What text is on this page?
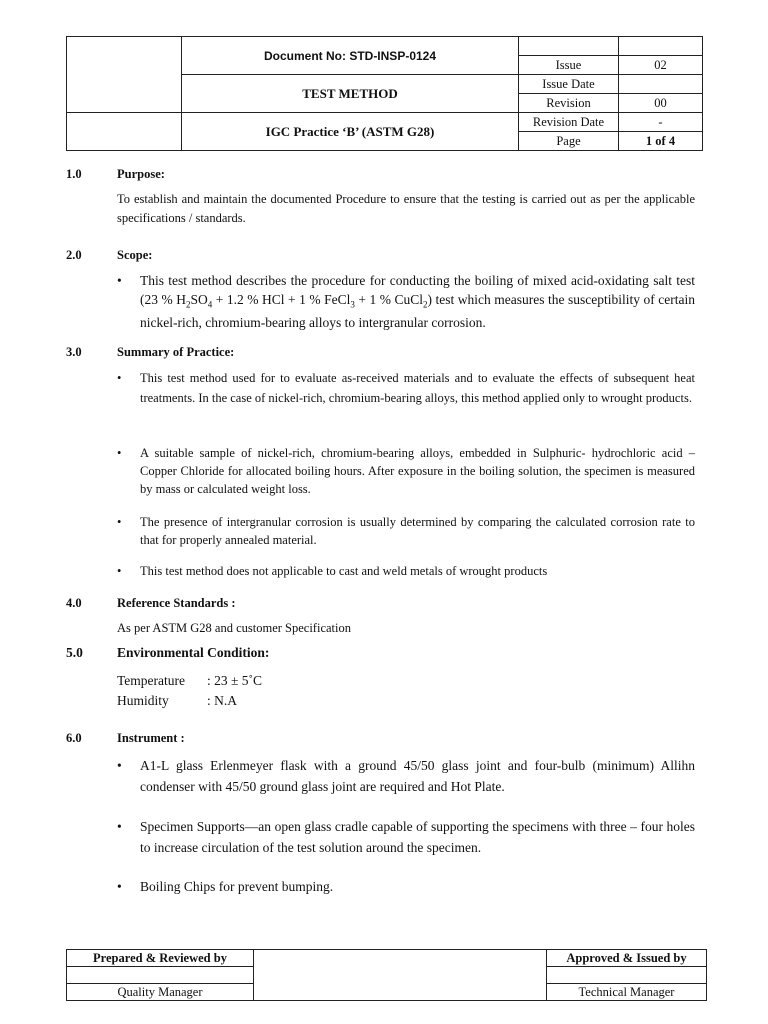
	Document No: STD-INSP-0124		
		Issue	02
	TEST METHOD	Issue Date	
		Revision	00
	IGC Practice ‘B’ (ASTM G28)	Revision Date	-
		Page	1 of 4
1.0	Purpose:
To establish and maintain the documented Procedure to ensure that the testing is carried out as per the applicable specifications / standards.
2.0	Scope:
• This test method describes the procedure for conducting the boiling of mixed acid-oxidating salt test (23 % $H_2SO_4 + 1.2$ % HCl + 1 % FeCl$_3$ + 1 % CuCl$_2$) test which measures the susceptibility of certain nickel-rich, chromium-bearing alloys to intergranular corrosion.
3.0	Summary of Practice:
• This test method used for to evaluate as-received materials and to evaluate the effects of subsequent heat treatments. In the case of nickel-rich, chromium-bearing alloys, this method applied only to wrought products.
• A suitable sample of nickel-rich, chromium-bearing alloys, embedded in Sulphuric- hydrochloric acid – Copper Chloride for allocated boiling hours. After exposure in the boiling solution, the specimen is measured by mass or calculated weight loss.
• The presence of intergranular corrosion is usually determined by comparing the calculated corrosion rate to that for properly annealed material.
• This test method does not applicable to cast and weld metals of wrought products
4.0	Reference Standards :
As per ASTM G28 and customer Specification
5.0	Environmental Condition:
Temperature : 23 ± 5˚C
Humidity	: N.A
6.0	Instrument :
• A1-L glass Erlenmeyer flask with a ground 45/50 glass joint and four-bulb (minimum) Allihn condenser with 45/50 ground glass joint are required and Hot Plate.
• Specimen Supports—an open glass cradle capable of supporting the specimens with three – four holes to increase circulation of the test solution around the specimen.
• Boiling Chips for prevent bumping.
Prepared & Reviewed by		Approved & Issued by

Quality Manager		Technical Manager
